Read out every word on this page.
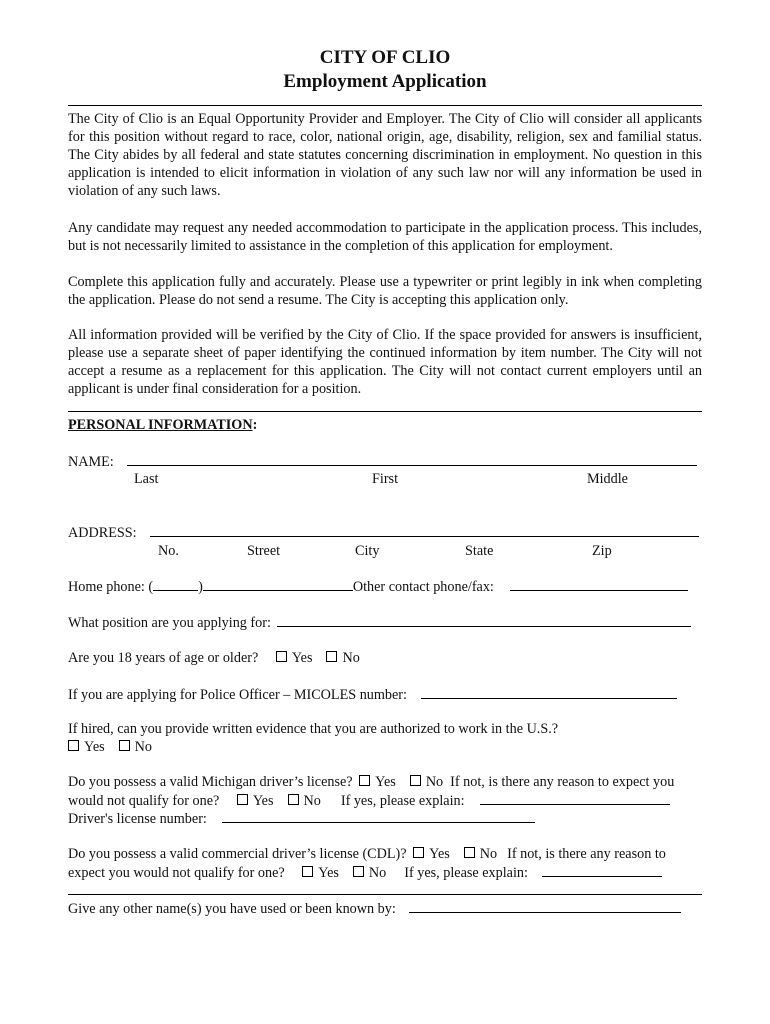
CITY OF CLIO
Employment Application
The City of Clio is an Equal Opportunity Provider and Employer. The City of Clio will consider all applicants for this position without regard to race, color, national origin, age, disability, religion, sex and familial status. The City abides by all federal and state statutes concerning discrimination in employment. No question in this application is intended to elicit information in violation of any such law nor will any information be used in violation of any such laws.
Any candidate may request any needed accommodation to participate in the application process. This includes, but is not necessarily limited to assistance in the completion of this application for employment.
Complete this application fully and accurately. Please use a typewriter or print legibly in ink when completing the application. Please do not send a resume. The City is accepting this application only.
All information provided will be verified by the City of Clio. If the space provided for answers is insufficient, please use a separate sheet of paper identifying the continued information by item number. The City will not accept a resume as a replacement for this application. The City will not contact current employers until an applicant is under final consideration for a position.
PERSONAL INFORMATION:
NAME:
Last	First	Middle
ADDRESS:
No.	Street	City	State	Zip
Home phone: (	)	Other contact phone/fax:
What position are you applying for:
Are you 18 years of age or older? Yes No
If you are applying for Police Officer – MICOLES number:
If hired, can you provide written evidence that you are authorized to work in the U.S.?
Yes No
Do you possess a valid Michigan driver’s license? Yes No If not, is there any reason to expect you
would not qualify for one? Yes No If yes, please explain:
Driver's license number:
Do you possess a valid commercial driver’s license (CDL)? Yes No If not, is there any reason to
expect you would not qualify for one? Yes No If yes, please explain:
Give any other name(s) you have used or been known by:
